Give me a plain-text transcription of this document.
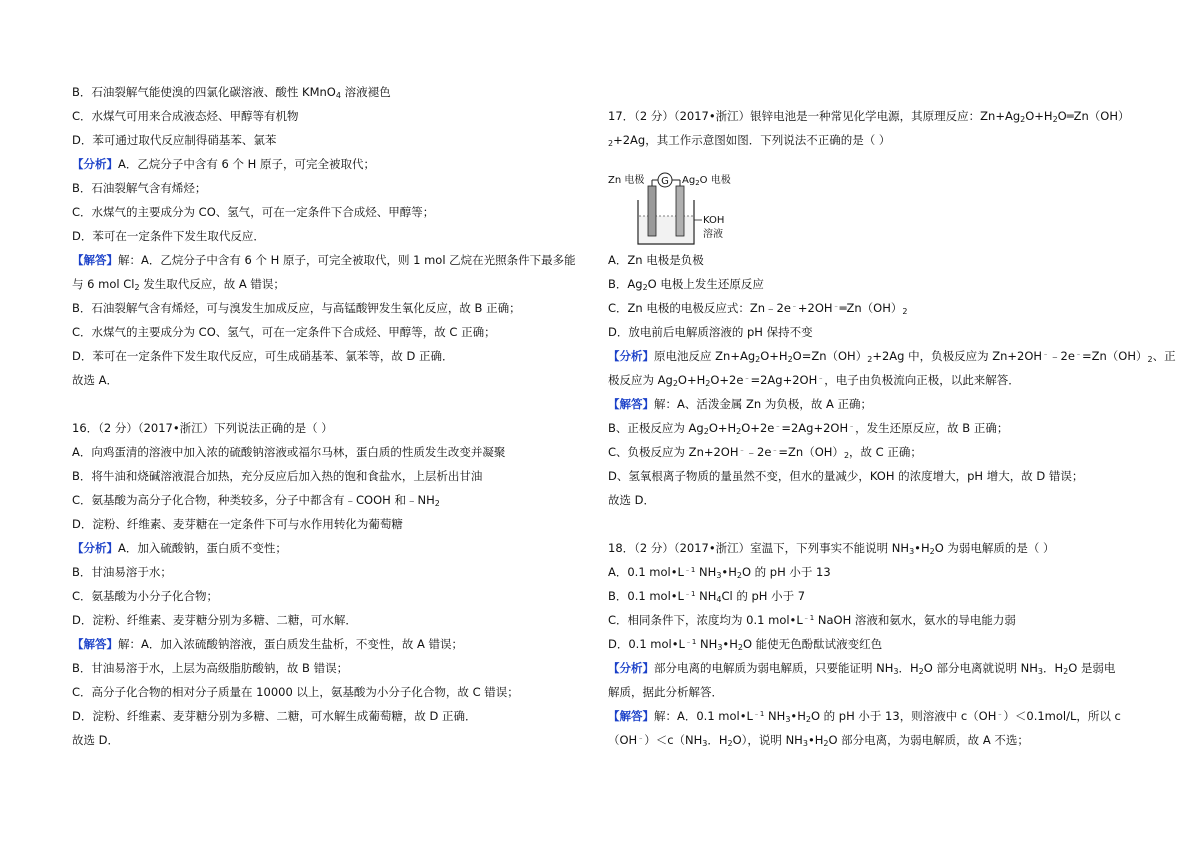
B．石油裂解气能使溴的四氯化碳溶液、酸性 KMnO$_4$ 溶液褪色
C．水煤气可用来合成液态烃、甲醇等有机物
D．苯可通过取代反应制得硝基苯、氯苯
【分析】A．乙烷分子中含有 6 个 H 原子，可完全被取代；
B．石油裂解气含有烯烃；
C．水煤气的主要成分为 CO、氢气，可在一定条件下合成烃、甲醇等；
D．苯可在一定条件下发生取代反应．
【解答】解：A．乙烷分子中含有 6 个 H 原子，可完全被取代，则 1 mol 乙烷在光照条件下最多能
与 6 mol $Cl_2$ 发生取代反应，故 A 错误；
B．石油裂解气含有烯烃，可与溴发生加成反应，与高锰酸钾发生氧化反应，故 B 正确；
C．水煤气的主要成分为 CO、氢气，可在一定条件下合成烃、甲醇等，故 C 正确；
D．苯可在一定条件下发生取代反应，可生成硝基苯、氯苯等，故 D 正确．
故选 A．
16．（2 分）（2017•浙江）下列说法正确的是（ ）
A．向鸡蛋清的溶液中加入浓的硫酸钠溶液或福尔马林，蛋白质的性质发生改变并凝聚
B．将牛油和烧碱溶液混合加热，充分反应后加入热的饱和食盐水，上层析出甘油
C．氨基酸为高分子化合物，种类较多，分子中都含有﹣COOH 和$﹣NH_2$
D．淀粉、纤维素、麦芽糖在一定条件下可与水作用转化为葡萄糖
【分析】A．加入硫酸钠，蛋白质不变性；
B．甘油易溶于水；
C．氨基酸为小分子化合物；
D．淀粉、纤维素、麦芽糖分别为多糖、二糖，可水解．
【解答】解：A．加入浓硫酸钠溶液，蛋白质发生盐析，不变性，故 A 错误；
B．甘油易溶于水，上层为高级脂肪酸钠，故 B 错误；
C．高分子化合物的相对分子质量在 10000 以上，氨基酸为小分子化合物，故 C 错误；
D．淀粉、纤维素、麦芽糖分别为多糖、二糖，可水解生成葡萄糖，故 D 正确．
故选 D．
Zn 电极 G $Ag_2O$ 电极
KOH
溶液
17．（2 分）（2017•浙江）银锌电池是一种常见化学电源，其原理反应：$Zn+Ag_2O+H_2O═Zn(OH)$
$_2$+2Ag，其工作示意图如图．下列说法不正确的是（ ）
A．Zn 电极是负极
B．$Ag_2O$ 电极上发生还原反应
C．Zn 电极的电极反应式：$Zn﹣2e^﹣+2OH^﹣═Zn(OH)_2$
D．放电前后电解质溶液的 pH 保持不变
【分析】原电池反应 $Zn+Ag_2O+H_2O=Zn(OH)_2+2Ag$ 中，负极反应为 $Zn+2OH^﹣﹣2e^﹣=Zn(OH)_2$、正
极反应为 $Ag_2O+H_2O+2e^﹣=2Ag+2OH^﹣$，电子由负极流向正极，以此来解答．
【解答】解：A、活泼金属 Zn 为负极，故 A 正确；
B、正极反应为 $Ag_2O+H_2O+2e^﹣=2Ag+2OH^﹣$，发生还原反应，故 B 正确；
C、负极反应为 $Zn+2OH^﹣﹣2e^﹣=Zn(OH)_2$，故 C 正确；
D、氢氧根离子物质的量虽然不变，但水的量减少，KOH 的浓度增大，pH 增大，故 D 错误；
故选 D．
18．（2 分）（2017•浙江）室温下，下列事实不能说明 $NH_3•H_2O$ 为弱电解质的是（ ）
A．0.1 $mol•L^{﹣1}$ $NH_3•H_2O$ 的 pH 小于 13
B．0.1 $mol•L^{﹣1}$ $NH_4Cl$ 的 pH 小于 7
C．相同条件下，浓度均为 0.1 $mol•L^{﹣1}$ NaOH 溶液和氨水，氨水的导电能力弱
D．0.1 $mol•L^{﹣1}$ $NH_3•H_2O$ 能使无色酚酞试液变红色
【分析】部分电离的电解质为弱电解质，只要能证明 $NH_3$．$H_2O$ 部分电离就说明 $NH_3$．$H_2O$ 是弱电
解质，据此分析解答．
【解答】解：A．0.1 $mol•L^{﹣1}$ $NH_3•H_2O$ 的 pH 小于 13，则溶液中 c（OH﹣）＜0.1mol/L，所以 c
$(OH^﹣)<c(NH_3$．$H_2O$），说明 $NH_3•H_2O$ 部分电离，为弱电解质，故 A 不选；
